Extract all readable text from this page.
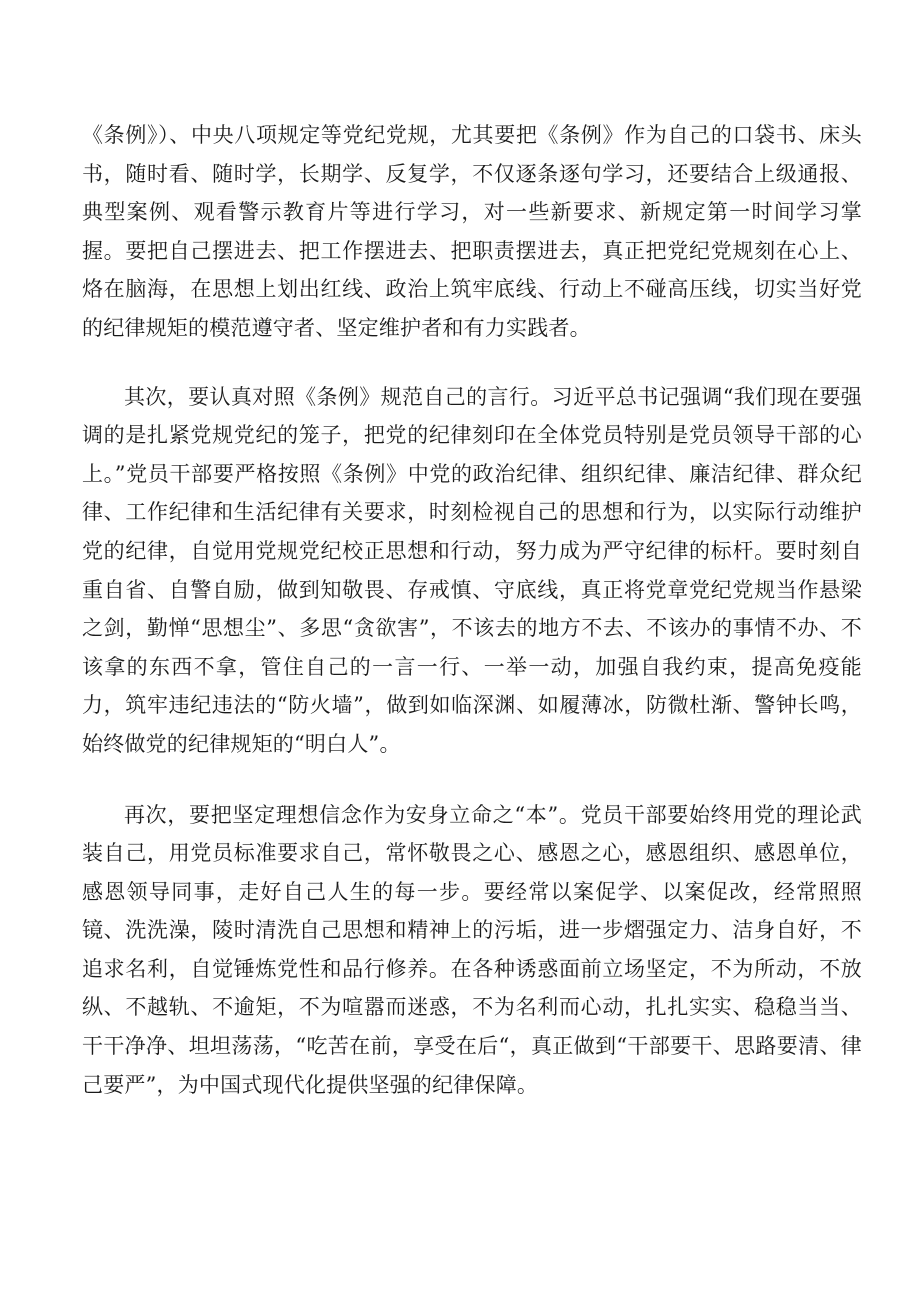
《条例》）、中央八项规定等党纪党规，尤其要把《条例》作为自己的口袋书、床头书，随时看、随时学，长期学、反复学，不仅逐条逐句学习，还要结合上级通报、典型案例、观看警示教育片等进行学习，对一些新要求、新规定第一时间学习掌握。要把自己摆进去、把工作摆进去、把职责摆进去，真正把党纪党规刻在心上、烙在脑海，在思想上划出红线、政治上筑牢底线、行动上不碰高压线，切实当好党的纪律规矩的模范遵守者、坚定维护者和有力实践者。

其次，要认真对照《条例》规范自己的言行。习近平总书记强调“我们现在要强调的是扎紧党规党纪的笼子，把党的纪律刻印在全体党员特别是党员领导干部的心上。”党员干部要严格按照《条例》中党的政治纪律、组织纪律、廉洁纪律、群众纪律、工作纪律和生活纪律有关要求，时刻检视自己的思想和行为，以实际行动维护党的纪律，自觉用党规党纪校正思想和行动，努力成为严守纪律的标杆。要时刻自重自省、自警自励，做到知敬畏、存戒慎、守底线，真正将党章党纪党规当作悬梁之剑，勤惮“思想尘”、多思“贪欲害”，不该去的地方不去、不该办的事情不办、不该拿的东西不拿，管住自己的一言一行、一举一动，加强自我约束，提高免疫能力，筑牢违纪违法的“防火墙”，做到如临深渊、如履薄冰，防微杜渐、警钟长鸣，始终做党的纪律规矩的“明白人”。

再次，要把坚定理想信念作为安身立命之“本”。党员干部要始终用党的理论武装自己，用党员标准要求自己，常怀敬畏之心、感恩之心，感恩组织、感恩单位，感恩领导同事，走好自己人生的每一步。要经常以案促学、以案促改，经常照照镜、洗洗澡，陵时清洗自己思想和精神上的污垢，进一步熠强定力、洁身自好，不追求名利，自觉锤炼党性和品行修养。在各种诱惑面前立场坚定，不为所动，不放纵、不越轨、不逾矩，不为喧嚣而迷惑，不为名利而心动，扎扎实实、稳稳当当、干干净净、坦坦荡荡，“吃苦在前，享受在后“，真正做到“干部要干、思路要清、律己要严”，为中国式现代化提供坚强的纪律保障。
